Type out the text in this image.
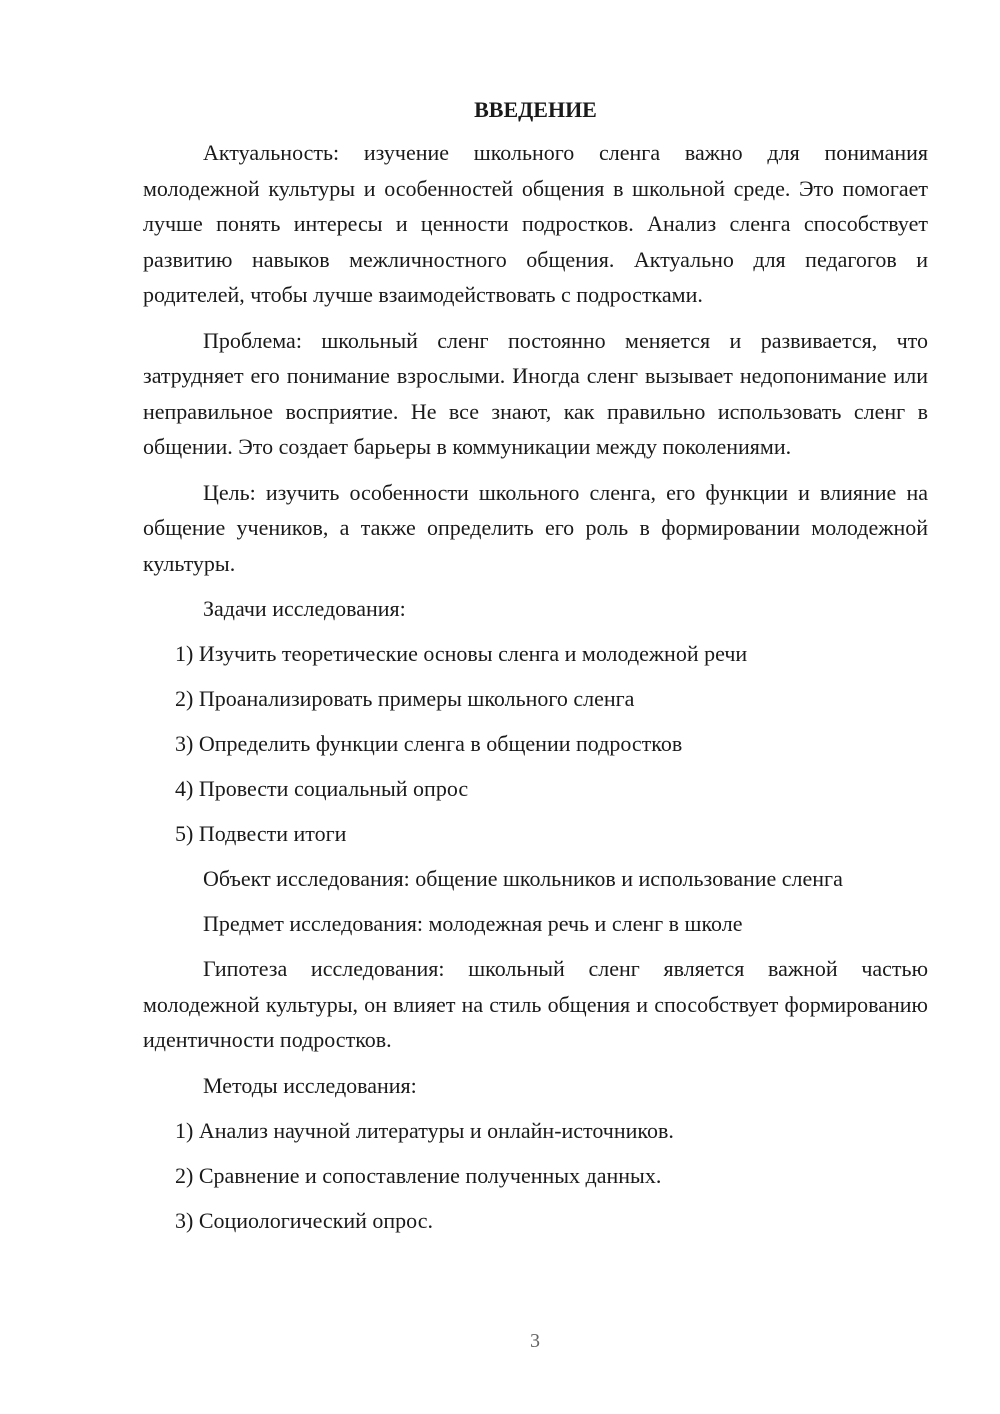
ВВЕДЕНИЕ

Актуальность: изучение школьного сленга важно для понимания молодежной культуры и особенностей общения в школьной среде. Это помогает лучше понять интересы и ценности подростков. Анализ сленга способствует развитию навыков межличностного общения. Актуально для педагогов и родителей, чтобы лучше взаимодействовать с подростками.

Проблема: школьный сленг постоянно меняется и развивается, что затрудняет его понимание взрослыми. Иногда сленг вызывает недопонимание или неправильное восприятие. Не все знают, как правильно использовать сленг в общении. Это создает барьеры в коммуникации между поколениями.

Цель: изучить особенности школьного сленга, его функции и влияние на общение учеников, а также определить его роль в формировании молодежной культуры.

Задачи исследования:
1) Изучить теоретические основы сленга и молодежной речи
2) Проанализировать примеры школьного сленга
3) Определить функции сленга в общении подростков
4) Провести социальный опрос
5) Подвести итоги
Объект исследования: общение школьников и использование сленга
Предмет исследования: молодежная речь и сленг в школе

Гипотеза исследования: школьный сленг является важной частью молодежной культуры, он влияет на стиль общения и способствует формированию идентичности подростков.

Методы исследования:
1) Анализ научной литературы и онлайн-источников.
2) Сравнение и сопоставление полученных данных.
3) Социологический опрос.
3
